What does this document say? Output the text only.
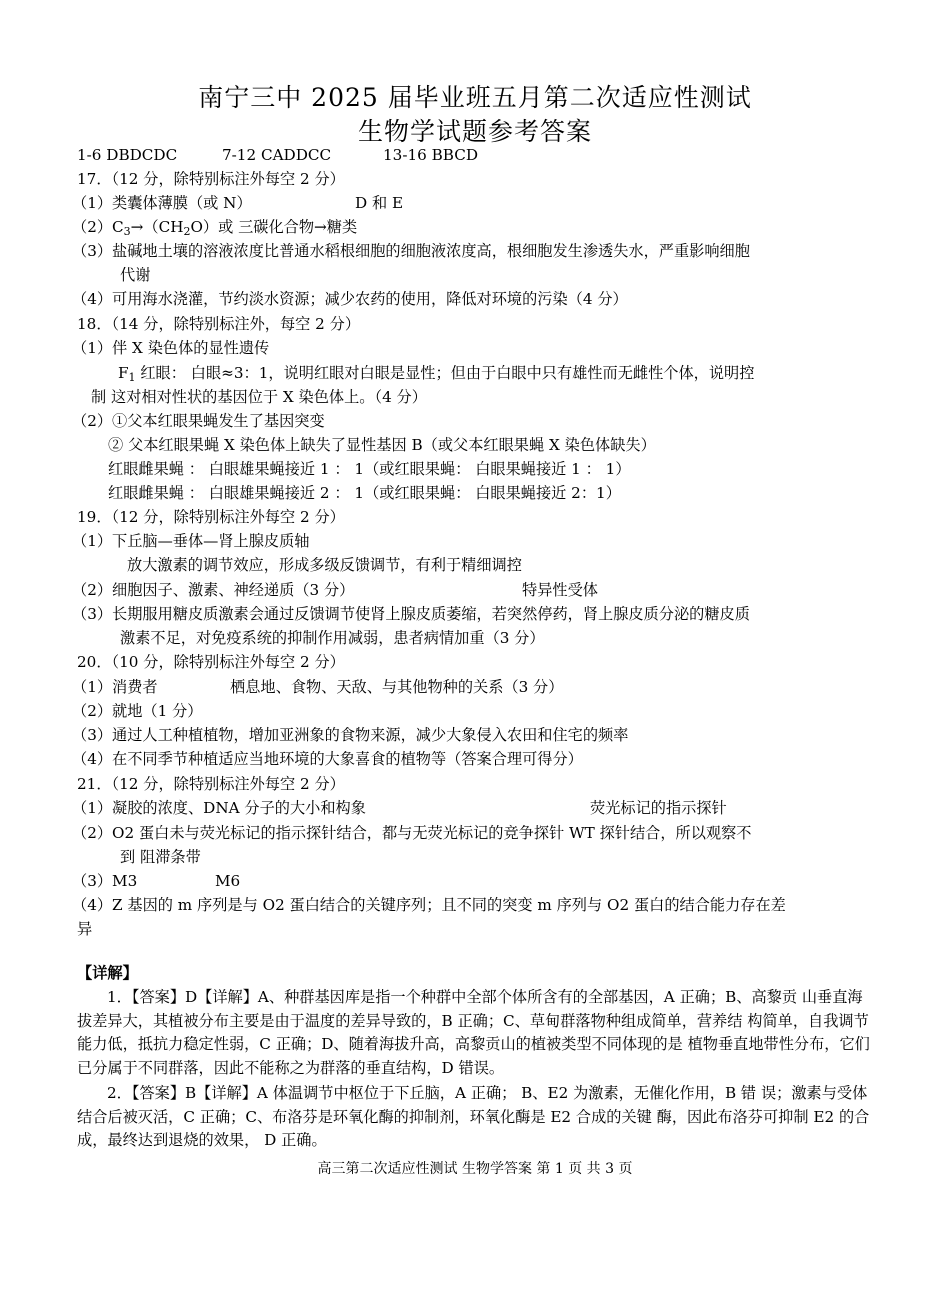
南宁三中 2025 届毕业班五月第二次适应性测试
生物学试题参考答案
1-6 DBDCDC	7-12 CADDCC	13-16 BBCD
17．（12 分，除特别标注外每空 2 分）
（1）类囊体薄膜（或 N）	D 和 E
$(2)C_3\to(CH_2O)$或 三碳化合物→糖类
（3）盐碱地土壤的溶液浓度比普通水稻根细胞的细胞液浓度高，根细胞发生渗透失水，严重影响细胞
代谢
（4）可用海水浇灌，节约淡水资源；减少农药的使用，降低对环境的污染（4 分）
18．（14 分，除特别标注外，每空 2 分）
（1）伴 X 染色体的显性遗传
$F_1$ 红眼： 白眼≈3：1，说明红眼对白眼是显性；但由于白眼中只有雄性而无雌性个体，说明控
制 这对相对性状的基因位于 X 染色体上。（4 分）
（2）①父本红眼果蝇发生了基因突变
② 父本红眼果蝇 X 染色体上缺失了显性基因 B（或父本红眼果蝇 X 染色体缺失）
红眼雌果蝇 ： 白眼雄果蝇接近 1 ： 1（或红眼果蝇： 白眼果蝇接近 1 ： 1）
红眼雌果蝇 ： 白眼雄果蝇接近 2 ： 1（或红眼果蝇： 白眼果蝇接近 2：1）
19．（12 分，除特别标注外每空 2 分）
（1）下丘脑—垂体—肾上腺皮质轴
放大激素的调节效应，形成多级反馈调节，有利于精细调控
（2）细胞因子、激素、神经递质（3 分）	特异性受体
（3）长期服用糖皮质激素会通过反馈调节使肾上腺皮质萎缩，若突然停药，肾上腺皮质分泌的糖皮质
激素不足，对免疫系统的抑制作用减弱，患者病情加重（3 分）
20．（10 分，除特别标注外每空 2 分）
（1）消费者	栖息地、食物、天敌、与其他物种的关系（3 分）
（2）就地（1 分）
（3）通过人工种植植物，增加亚洲象的食物来源，减少大象侵入农田和住宅的频率
（4）在不同季节种植适应当地环境的大象喜食的植物等（答案合理可得分）
21．（12 分，除特别标注外每空 2 分）
（1）凝胶的浓度、DNA 分子的大小和构象	荧光标记的指示探针
（2）O2 蛋白未与荧光标记的指示探针结合，都与无荧光标记的竞争探针 WT 探针结合，所以观察不
到 阻滞条带
（3）M3	M6
（4）Z 基因的 m 序列是与 O2 蛋白结合的关键序列；且不同的突变 m 序列与 O2 蛋白的结合能力存在差
异
【详解】
1．【答案】D【详解】A、种群基因库是指一个种群中全部个体所含有的全部基因，A 正确；B、高黎贡 山垂直海拔差异大，其植被分布主要是由于温度的差异导致的，B 正确；C、草甸群落物种组成简单，营养结 构简单，自我调节能力低，抵抗力稳定性弱，C 正确；D、随着海拔升高，高黎贡山的植被类型不同体现的是 植物垂直地带性分布，它们已分属于不同群落，因此不能称之为群落的垂直结构，D 错误。
2．【答案】B【详解】A 体温调节中枢位于下丘脑，A 正确； B、E2 为激素，无催化作用，B 错 误；激素与受体结合后被灭活，C 正确；C、布洛芬是环氧化酶的抑制剂，环氧化酶是 E2 合成的关键 酶，因此布洛芬可抑制 E2 的合成，最终达到退烧的效果， D 正确。
高三第二次适应性测试 生物学答案 第 1 页 共 3 页
